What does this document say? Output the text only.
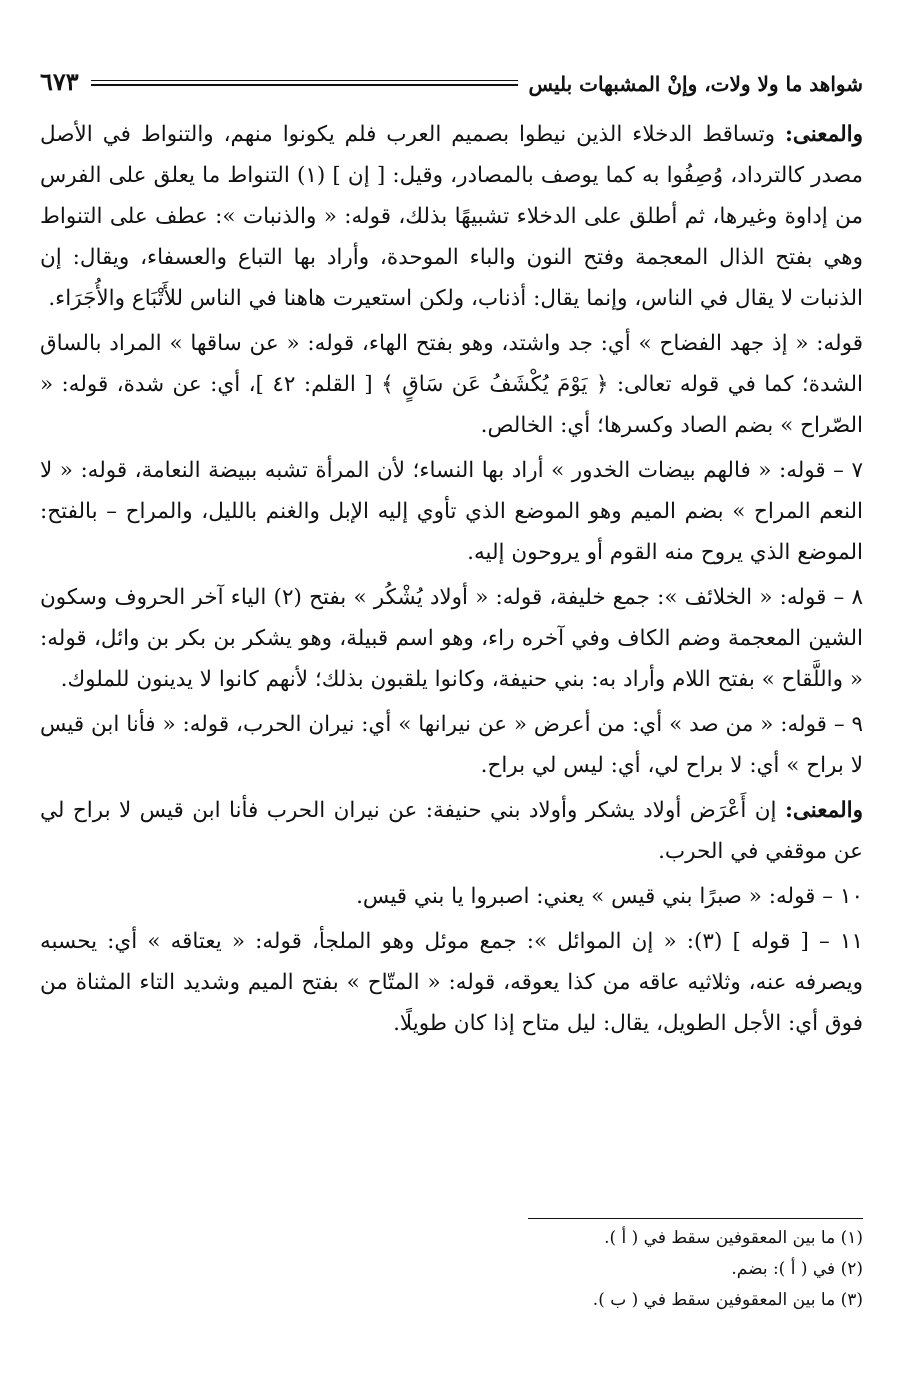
شواهد ما ولا ولات، وإنْ المشبهات بليس
٦٧٣

والمعنى: وتساقط الدخلاء الذين نيطوا بصميم العرب فلم يكونوا منهم، والتنواط في الأصل مصدر كالترداد، وُصِفُوا به كما يوصف بالمصادر، وقيل: [ إن ] (١) التنواط ما يعلق على الفرس من إداوة وغيرها، ثم أطلق على الدخلاء تشبيهًا بذلك، قوله: « والذنبات »: عطف على التنواط وهي بفتح الذال المعجمة وفتح النون والباء الموحدة، وأراد بها التباع والعسفاء، ويقال: إن الذنبات لا يقال في الناس، وإنما يقال: أذناب، ولكن استعيرت هاهنا في الناس للأَتْبَاع والأُجَرَاء.

قوله: « إذ جهد الفضاح » أي: جد واشتد، وهو بفتح الهاء، قوله: « عن ساقها » المراد بالساق الشدة؛ كما في قوله تعالى: ﴿ يَوْمَ يُكْشَفُ عَن سَاقٍ ﴾ [ القلم: ٤٢ ]، أي: عن شدة، قوله: « الصّراح » بضم الصاد وكسرها؛ أي: الخالص.

٧ – قوله: « فالهم بيضات الخدور » أراد بها النساء؛ لأن المرأة تشبه ببيضة النعامة، قوله: « لا النعم المراح » بضم الميم وهو الموضع الذي تأوي إليه الإبل والغنم بالليل، والمراح – بالفتح: الموضع الذي يروح منه القوم أو يروحون إليه.

٨ – قوله: « الخلائف »: جمع خليفة، قوله: « أولاد يُشْكُر » بفتح (٢) الياء آخر الحروف وسكون الشين المعجمة وضم الكاف وفي آخره راء، وهو اسم قبيلة، وهو يشكر بن بكر بن وائل، قوله: « واللَّقاح » بفتح اللام وأراد به: بني حنيفة، وكانوا يلقبون بذلك؛ لأنهم كانوا لا يدينون للملوك.

٩ – قوله: « من صد » أي: من أعرض « عن نيرانها » أي: نيران الحرب، قوله: « فأنا ابن قيس لا براح » أي: لا براح لي، أي: ليس لي براح.

والمعنى: إن أَعْرَض أولاد يشكر وأولاد بني حنيفة: عن نيران الحرب فأنا ابن قيس لا براح لي عن موقفي في الحرب.

١٠ – قوله: « صبرًا بني قيس » يعني: اصبروا يا بني قيس.

١١ – [ قوله ] (٣): « إن الموائل »: جمع موئل وهو الملجأ، قوله: « يعتاقه » أي: يحسبه ويصرفه عنه، وثلاثيه عاقه من كذا يعوقه، قوله: « المتّاح » بفتح الميم وشديد التاء المثناة من فوق أي: الأجل الطويل، يقال: ليل متاح إذا كان طويلًا.

(١) ما بين المعقوفين سقط في ( أ ).

(٢) في ( أ ): بضم.

(٣) ما بين المعقوفين سقط في ( ب ).
